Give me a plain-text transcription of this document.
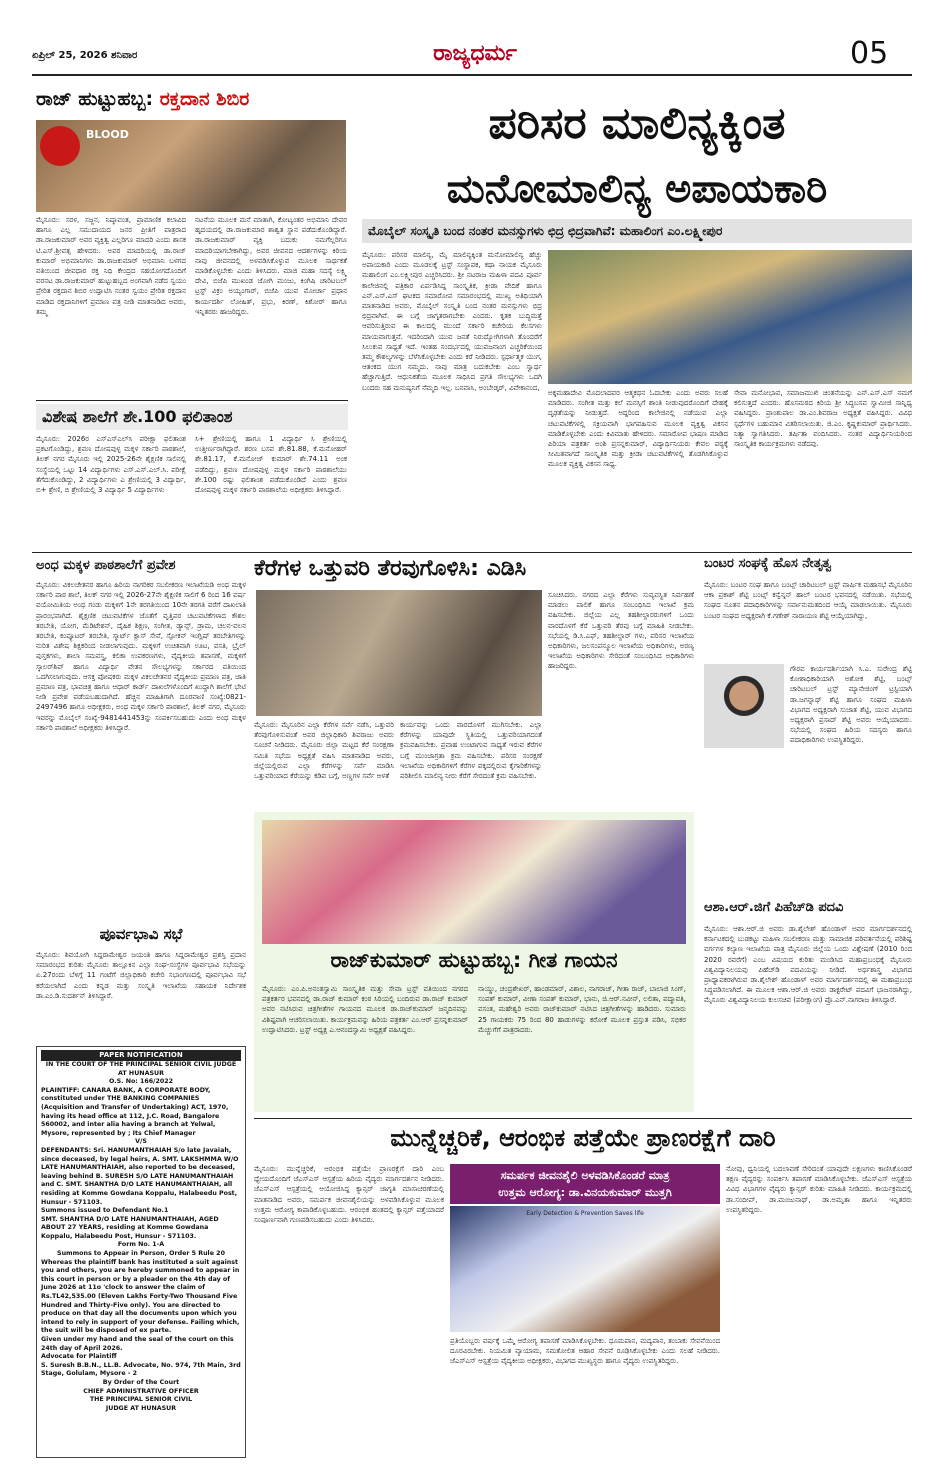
ಏಪ್ರಿಲ್ 25, 2026 ಶನಿವಾರ	ರಾಜ್ಯಧರ್ಮ	05
ರಾಜ್ ಹುಟ್ಟುಹಬ್ಬ: ರಕ್ತದಾನ ಶಿಬಿರ
BLOOD
ಮೈಸೂರು: ಸರಳ, ಸಜ್ಜನ, ನಿಷ್ಕಾವಂತ, ಪ್ರಾಮಾಣಿಕ ಕಲಾವಿದ ಹಾಗೂ ಎಲ್ಲ ಸಮುದಾಯದ ಜನರ ಪ್ರೀತಿಗೆ ಪಾತ್ರರಾದ ಡಾ.ರಾಜಕುಮಾರ್ ಅವರ ವ್ಯಕ್ತಿತ್ವ ಎಲ್ಲರಿಗೂ ಮಾದರಿ ಎಂದು ಶಾಸಕ ಟಿ.ಎಸ್.ಶ್ರೀವತ್ಸ ಹೇಳಿದರು. ಅವರ ಮಾದರಿಯಲ್ಲಿ ಡಾ.ರಾಜ್ ಕುಮಾರ್ ಅಭಿಮಾನಿಗಳು ಡಾ.ರಾಜಕುಮಾರ್ ಅಭಿಮಾನಿ ಬಳಗದ ವತಿಯಿಂದ ಜೀವಧಾರ ರಕ್ತ ನಿಧಿ ಕೇಂದ್ರದ ಸಹಯೋಗದೊಂದಿಗೆ ವರನಟ ಡಾ.ರಾಜಕುಮಾರ್ ಹುಟ್ಟುಹಬ್ಬದ ಅಂಗವಾಗಿ ನಡೆದ ಸ್ವಯಂ ಪ್ರೇರಿತ ರಕ್ತದಾನ ಶಿಬಿರ ಉದ್ಘಾಟಿಸಿ ನಂತರ ಸ್ವಯಂ ಪ್ರೇರಿತ ರಕ್ತದಾನ ಮಾಡಿದ ರಕ್ತದಾನಿಗಳಿಗೆ ಪ್ರಮಾಣ ಪತ್ರ ನೀಡಿ ಮಾತನಾಡಿದ ಅವರು, ತಮ್ಮ
ನಟನೆಯ ಮೂಲಕ ಮನೆ ಮಾತಾಗಿ, ಕೋಟ್ಯಂತರ ಅಭಿಮಾನಿ ದೇವರ ಹೃದಯದಲ್ಲಿ ಡಾ.ರಾಜಕುಮಾರ ಶಾಶ್ವತ ಸ್ಥಾನ ಪಡೆದುಕೊಂಡಿದ್ದಾರೆ. ಡಾ.ರಾಜಕುಮಾರ್ ವ್ಯಕ್ತಿ ಬದುಕು ನಮಗೆಲ್ಲರಿಗೂ ಮಾದರಿಯಾಗಬೇಕಾಗಿದ್ದು, ಅವರ ಜೀವನದ ಆದರ್ಶಗಳನ್ನು ಕಿರಿಯ ನಾವು ಜೀವನದಲ್ಲಿ ಅಳವಡಿಸಿಕೊಳ್ಳುವ ಮೂಲಕ ಸಾರ್ಥಕತೆ ಮಾಡಿಕೊಳ್ಳಬೇಕು ಎಂದು ತಿಳಿಸಿದರು. ಮಾಜಿ ಮಹಾ ಸದಸ್ಯೆ ಲಕ್ಷ್ಮಿ ದೇವಿ, ಬಿಜೆಪಿ ಮುಖಂಡ ಜೋಗಿ ಮಂಜು, ಕಿಂಗಿಷಿ ಚಾರಿಟಬಲ್ ಟ್ರಸ್ಟ್ ವಿಕ್ರಂ ಅಯ್ಯಂಗಾರ್, ಬಿಜೆಪಿ ಯುವ ಮೋರ್ಚಾ ಪ್ರಧಾನ ಕಾರ್ಯದರ್ಶಿ ಲೋಹಿತ್, ಪ್ರಭು, ಕಿರಣ್, ಕಿಶೋರ್ ಹಾಗೂ ಇನ್ನಿತರರು ಹಾಜರಿದ್ದರು.
ವಿಶೇಷ ಶಾಲೆಗೆ ಶೇ.100 ಫಲಿತಾಂಶ
ಮೈಸೂರು: 2026ರ ಎಸ್ಎಸ್ಎಲ್‌ಸಿ ಪರೀಕ್ಷಾ ಫಲಿತಾಂಶ ಪ್ರಕಟಗೊಂಡಿದ್ದು, ಶ್ರವಣ ದೋಷವುಳ್ಳ ಮಕ್ಕಳ ಸರ್ಕಾರಿ ಪಾಠಶಾಲೆ, ತಿಲಕ್ ನಗರ ಮೈಸೂರು ಇಲ್ಲಿ 2025-26ನೇ ಶೈಕ್ಷಣಿಕ ಸಾಲಿನಲ್ಲಿ ಸಂಸ್ಥೆಯಲ್ಲಿ ಒಟ್ಟು 14 ವಿದ್ಯಾರ್ಥಿಗಳು ಎಸ್.ಎಸ್.ಎಲ್.ಸಿ. ಪರೀಕ್ಷೆ ತೆಗೆದುಕೊಂಡಿದ್ದು, 2 ವಿದ್ಯಾರ್ಥಿಗಳು ಎ ಶ್ರೇಣಿಯಲ್ಲಿ 3 ವಿದ್ಯಾರ್ಥಿ, ಬಿ+ ಶ್ರೇಣಿ, ಬಿ ಶ್ರೇಣಿಯಲ್ಲಿ 3 ವಿದ್ಯಾರ್ಥಿ 5 ವಿದ್ಯಾರ್ಥಿಗಳು
ಸಿ+ ಶ್ರೇಣಿಯಲ್ಲಿ ಹಾಗೂ 1 ವಿದ್ಯಾರ್ಥಿ ಸಿ ಶ್ರೇಣಿಯಲ್ಲಿ ಉತ್ತೀರ್ಣರಾಗಿದ್ದಾರೆ. ಶರಣ ಬಸವ ಶೇ.81.88, ಕೆ.ಮನೋಹರ್ ಶೇ.81.17, ಕೆ.ಮನೋಜ್ ಕುಮಾರ್ ಶೇ.74.11 ಅಂಕ ಪಡೆದಿದ್ದು, ಶ್ರವಣ ದೋಷವುಳ್ಳ ಮಕ್ಕಳ ಸರ್ಕಾರಿ ಪಾಠಶಾಲೆಯು ಶೇ.100 ರಷ್ಟು ಫಲಿತಾಂಶ ಪಡೆದುಕೊಂಡಿದೆ ಎಂದು ಶ್ರವಣ ದೋಷವುಳ್ಳ ಮಕ್ಕಳ ಸರ್ಕಾರಿ ಪಾಠಶಾಲೆಯ ಅಧೀಕ್ಷಕರು ತಿಳಿಸಿದ್ದಾರೆ.
ಪರಿಸರ ಮಾಲಿನ್ಯಕ್ಕಿಂತ
ಮನೋಮಾಲಿನ್ಯ ಅಪಾಯಕಾರಿ
ಮೊಬೈಲ್ ಸಂಸ್ಕೃತಿ ಬಂದ ನಂತರ ಮನಸ್ಸುಗಳು ಛಿದ್ರ ಛಿದ್ರವಾಗಿವೆ: ಮಹಾಲಿಂಗ ಎಂ.ಲಕ್ಷ್ಮೀಪುರ
ಮೈಸೂರು: ಪರಿಸರ ಮಾಲಿನ್ಯ, ಮೈ ಮಾಲಿನ್ಯಕ್ಕಿಂತ ಮನೋಮಾಲಿನ್ಯ ಹೆಚ್ಚು ಅಪಾಯಕಾರಿ ಎಂದು ಮೂಡಲಕ್ಕೆ ಟ್ರಸ್ಟ್ ಸಂಸ್ಥಾಪಕ, ಕಥಾ ನಾಯಕ ಮೈಸೂರು ಮಹಾಲಿಂಗ ಎಂ.ಲಕ್ಷ್ಮೀಪುರ ಎಚ್ಚರಿಸಿದರು. ಶ್ರೀ ನಟರಾಜ ಮಹಿಳಾ ಪದವಿ ಪೂರ್ವ ಕಾಲೇಜಿನಲ್ಲಿ ಪತ್ರಿಕಾರ ಏರ್ಪಡಿಸಿದ್ದ ಸಾಂಸ್ಕೃತಿಕ, ಕ್ರೀಡಾ ವೇದಿಕೆ ಹಾಗೂ ಎನ್.ಎಸ್.ಎಸ್ ಘಟಕದ ಸಮಾರೋಪ ಸಮಾರಂಭದಲ್ಲಿ ಮುಖ್ಯ ಅತಿಥಿಯಾಗಿ ಮಾತನಾಡಿದ ಅವರು, ಮೊಬೈಲ್ ಸಂಸ್ಕೃತಿ ಬಂದ ನಂತರ ಮನಸ್ಸುಗಳು ಛಿದ್ರ ಛಿದ್ರವಾಗಿವೆ. ಈ ಬಗ್ಗೆ ಜಾಗೃತರಾಗಬೇಕು ಎಂದರು. ಕೃತಕ ಬುದ್ಧಿಮತ್ತೆ ಆವರಿಸುತ್ತಿರುವ ಈ ಕಾಲದಲ್ಲಿ ಮುಂದೆ ಸರ್ಕಾರಿ ಕಚೇರಿಯ ಕೆಲಸಗಳು ಮಾಯವಾಗುತ್ತವೆ. ಇದರಿಂದಾಗಿ ಯುವ ಜನತೆ ನಿರುದ್ಯೋಗಿಗಳಾಗಿ ತೊಂದರೆಗೆ ಸಿಲುಕುವ ಸಾಧ್ಯತೆ ಇದೆ. ಇಂತಹ ಸಂದರ್ಭದಲ್ಲಿ ಯುವಜನಾಂಗ ಎಚ್ಚರಿಕೆಯಿಂದ ತಮ್ಮ ಕೌಶಲ್ಯಗಳನ್ನು ಬೆಳೆಸಿಕೊಳ್ಳಬೇಕು ಎಂದು ಕರೆ ನೀಡಿದರು. ಸ್ಪರ್ಧಾತ್ಮಕ ಯುಗ, ಆತಂಕದ ಯುಗ ನಮ್ಮದು. ನಾವು ಮಾತ್ರ ಬದುಕಬೇಕು ಎಂಬ ಸ್ವಾರ್ಥ ಹೆಚ್ಚಾಗುತ್ತಿದೆ. ಆಧುನಿಕತೆಯ ಮೂಲಕ ಸಾಧಿಸಿದ ಪ್ರಗತಿ ಸೌಲಭ್ಯಗಳು ಒದಗಿ ಬಂದರು ಸಹ ಮನುಷ್ಯನಿಗೆ ನೆಮ್ಮದಿ ಇಲ್ಲ. ಬನವಾಸಿ, ಅಂಬೇಡ್ಕರ್, ವಿವೇಕಾನಂದ,
ಅಕ್ಕಮಹಾದೇವಿ ಮೊದಲಾದವರ ಆತ್ಮಕಥನ ಓದಬೇಕು ಎಂದು ಅವರು ಸಲಹೆ ಮಾಡಿದರು. ಸಂಗೀತ ಮತ್ತು ಕಲೆ ಮನಸ್ಸಿಗೆ ಶಾಂತಿ ನೀಡುವುದರೊಂದಿಗೆ ದೇಹಕ್ಕೆ ದೃಢತೆಯನ್ನು ನೀಡುತ್ತದೆ. ಆದ್ದರಿಂದ ಕಾಲೇಜಿನಲ್ಲಿ ನಡೆಯುವ ಎಲ್ಲಾ ಚಟುವಟಿಕೆಗಳಲ್ಲಿ ಸಕ್ರಿಯವಾಗಿ ಭಾಗವಹಿಸುವ ಮೂಲಕ ವ್ಯಕ್ತಿತ್ವ ವಿಕಸನ ಮಾಡಿಕೊಳ್ಳಬೇಕು ಎಂದು ಕಿವಿಮಾತು ಹೇಳಿದರು. ಸಮಾರೋಪ ಭಾಷಣ ಮಾಡಿದ ಪಿರಿಯಾ ಪತ್ರಕರ್ತ ಅಂಶಿ ಪ್ರಸನ್ನಕುಮಾರ್, ವಿದ್ಯಾರ್ಥಿನಿಯರು ಕೇವಲ ಪಠ್ಯಕ್ಕೆ ಸೀಮಿತವಾಗದೆ ಸಾಂಸ್ಕೃತಿಕ ಮತ್ತು ಕ್ರೀಡಾ ಚಟುವಟಿಕೆಗಳಲ್ಲಿ ತೊಡಗಿಸಿಕೊಳ್ಳುವ ಮೂಲಕ ವ್ಯಕ್ತಿತ್ವ ವಿಕಸನ ಸಾಧ್ಯ.
ಸೇವಾ ಮನೋಭಾವ, ಸಮಾಜಮುಖಿ ಚಿಂತನೆಯನ್ನು ಎನ್.ಎಸ್.ಎಸ್ ನಮಗೆ ಕಲಿಸುತ್ತದೆ ಎಂದರು. ಹೊಸಮಠದ ಕಿರಿಯ ಶ್ರೀ ಸಿದ್ಧಬಸವ ಸ್ವಾಮೀಜಿ ಸಾನ್ನಿಧ್ಯ ವಹಿಸಿದ್ದರು. ಪ್ರಾಂಶುಪಾಲ ಡಾ.ಎಂ.ಶಿವರಾಜ ಅಧ್ಯಕ್ಷತೆ ವಹಿಸಿದ್ದರು. ವಿವಿಧ ಸ್ಪರ್ಧೆಗಳ ಬಹುಮಾನ ವಿತರಿಸಲಾಯಿತು. ಜಿ.ಎಂ. ಕೃಷ್ಣಕುಮಾರ್ ಪ್ರಾರ್ಥಿಸಿದರು. ನಿತ್ಯಾ ಸ್ವಾಗತಿಸಿದರು. ತರ್ಷಿತಾ ವಂದಿಸಿದರು. ನಂತರ ವಿದ್ಯಾರ್ಥಿನಿಯರಿಂದ ಸಾಂಸ್ಕೃತಿಕ ಕಾರ್ಯಕ್ರಮಗಳು ನಡೆದವು.
ಅಂಧ ಮಕ್ಕಳ ಪಾಠಶಾಲೆಗೆ ಪ್ರವೇಶ
ಮೈಸೂರು: ವಿಕಲಚೇತನರ ಹಾಗೂ ಹಿರಿಯ ನಾಗರಿಕರ ಸಬಲೀಕರಣ ಇಲಾಖೆಯಡಿ ಅಂಧ ಮಕ್ಕಳ ಸರ್ಕಾರಿ ಪಾಠ ಶಾಲೆ, ತಿಲಕ್ ನಗರ ಇಲ್ಲಿ 2026-27ನೇ ಶೈಕ್ಷಣಿಕ ಸಾಲಿಗೆ 6 ರಿಂದ 16 ವರ್ಷ ವಯೋಮಿತಿಯ ಅಂಧ ಗಂಡು ಮಕ್ಕಳಿಗೆ 1ನೇ ತರಗತಿಯಿಂದ 10ನೇ ತರಗತಿ ವರೆಗೆ ದಾಖಲಾತಿ ಪ್ರಾರಂಭವಾಗಿದೆ. ಶೈಕ್ಷಣಿಕ ಚಟುವಟಿಕೆಗಳ ಜೊತೆಗೆ ವೃತ್ತಿಪರ ಚಟುವಟಿಕೆಗಳಾದ ಕೌಶಲ ತರಬೇತಿ, ಯೋಗ, ಮೆಡಿಟೇಶನ್, ದೈಹಿಕ ಶಿಕ್ಷಣ, ಸಂಗೀತ, ಡ್ಯಾನ್ಸ್, ಡ್ರಾಮ, ಚಲನ-ವಲನ ತರಬೇತಿ, ಕಂಪ್ಯೂಟರ್ ತರಬೇತಿ, ಸ್ಮಾರ್ಟ್ ಕ್ಲಾಸ್ ಸೇವೆ, ಸ್ಪೋಕನ್ ಇಂಗ್ಲಿಷ್ ತರಬೇತಿಗಳನ್ನು ನುರಿತ ವಿಶೇಷ ಶಿಕ್ಷಕರಿಂದ ನೀಡಲಾಗುವುದು. ಮಕ್ಕಳಿಗೆ ಉಚಿತವಾಗಿ ಊಟ, ವಸತಿ, ಬ್ರೈಲ್ ಪುಸ್ತಕಗಳು, ಶಾಲಾ ಸಮವಸ್ತ್ರ, ಕಲಿಕಾ ಉಪಕರಣಗಳು, ವೈದ್ಯಕೀಯ ತಪಾಸಣೆ, ಮಕ್ಕಳಿಗೆ ಸ್ಕಾಲರ್‌ಶಿಪ್ ಹಾಗೂ ವಿದ್ಯಾರ್ಥಿ ವೇತನ ಸೌಲಭ್ಯಗಳನ್ನು ಸರ್ಕಾರದ ವತಿಯಿಂದ ಒದಗಿಸಲಾಗುವುದು. ಆಸಕ್ತ ಪೋಷಕರು ಮಕ್ಕಳ ವಿಕಲಚೇತನರ ವೈದ್ಯಕೀಯ ಪ್ರಮಾಣ ಪತ್ರ, ಜಾತಿ ಪ್ರಮಾಣ ಪತ್ರ, ಭಾವಚಿತ್ರ ಹಾಗೂ ಆಧಾರ್ ಕಾರ್ಡ್ ದಾಖಲೆಗಳೊಂದಿಗೆ ಖುದ್ದಾಗಿ ಶಾಲೆಗೆ ಭೇಟಿ ನೀಡಿ ಪ್ರವೇಶ ಪಡೆಯಬಹುದಾಗಿದೆ. ಹೆಚ್ಚಿನ ಮಾಹಿತಿಗಾಗಿ ದೂರವಾಣಿ ಸಂಖ್ಯೆ:0821-2497496 ಹಾಗೂ ಅಧೀಕ್ಷಕರು, ಅಂಧ ಮಕ್ಕಳ ಸರ್ಕಾರಿ ಪಾಠಶಾಲೆ, ತಿಲಕ್ ನಗರ, ಮೈಸೂರು ಇವರನ್ನು ಮೊಬೈಲ್ ಸಂಖ್ಯೆ-9481441453ನ್ನು ಸಂಪರ್ಕಿಸಬಹುದು ಎಂದು ಅಂಧ ಮಕ್ಕಳ ಸರ್ಕಾರಿ ಪಾಠಶಾಲೆ ಅಧೀಕ್ಷಕರು ತಿಳಿಸಿದ್ದಾರೆ.
ಪೂರ್ವಭಾವಿ ಸಭೆ
ಮೈಸೂರು: ಶಿವಯೋಗಿ ಸಿದ್ದರಾಮೇಶ್ವರ ಜಯಂತಿ ಹಾಗೂ ಸಿದ್ದರಾಮೇಶ್ವರ ಪ್ರಶಸ್ತಿ ಪ್ರದಾನ ಸಮಾರಂಭದ ಕುರಿತು ಮೈಸೂರು ತಾಲ್ಲೂಕಿನ ಎಲ್ಲಾ ಸಂಘ-ಸಂಸ್ಥೆಗಳ ಪೂರ್ವಭಾವಿ ಸಭೆಯನ್ನು ಏ.27ರಂದು ಬೆಳಿಗ್ಗೆ 11 ಗಂಟೆಗೆ ಜಿಲ್ಲಾಧಿಕಾರಿ ಕಚೇರಿ ಸಭಾಂಗಣದಲ್ಲಿ ಪೂರ್ವಭಾವಿ ಸಭೆ ಕರೆಯಲಾಗಿದೆ ಎಂದು ಕನ್ನಡ ಮತ್ತು ಸಂಸ್ಕೃತಿ ಇಲಾಖೆಯ ಸಹಾಯಕ ನಿರ್ದೇಶಕ ಡಾ.ಎಂ.ಡಿ.ಸುದರ್ಶನ್ ತಿಳಿಸಿದ್ದಾರೆ.
PAPER NOTIFICATION
IN THE COURT OF THE PRINCIPAL SENIOR CIVIL JUDGE AT HUNASUR
O.S. No: 166/2022
PLAINTIFF: CANARA BANK, A CORPORATE BODY, constituted under THE BANKING COMPANIES (Acquisition and Transfer of Undertaking) ACT, 1970, having its head office at 112, J.C. Road, Bangalore 560002, and inter alia having a branch at Yelwal, Mysore, represented by ; Its Chief Manager
V/S
DEFENDANTS: Sri. HANUMANTHAIAH S/o late Javaiah, since deceased, by legal heirs, A. SMT. LAKSHMMA W/O LATE HANUMANTHAIAH, also reported to be deceased, leaving behind B. SURESH S/O LATE HANUMANTHAIAH and C. SMT. SHANTHA D/O LATE HANUMANTHAIAH, all residing at Komme Gowdana Koppalu, Halabeedu Post, Hunsur - 571103.
Summons issued to Defendant No.1
SMT. SHANTHA D/O LATE HANUMANTHAIAH, AGED ABOUT 27 YEARS, residing at Komme Gowdana Koppalu, Halabeedu Post, Hunsur - 571103.
Form No. 1-A
Summons to Appear in Person, Order 5 Rule 20
Whereas the plaintiff bank has instituted a suit against you and others, you are hereby summoned to appear in this court in person or by a pleader on the 4th day of June 2026 at 11o 'clock to answer the claim of Rs.TL42,535.00 (Eleven Lakhs Forty-Two Thousand Five Hundred and Thirty-Five only). You are directed to produce on that day all the documents upon which you intend to rely in support of your defense. Failing which, the suit will be disposed of ex parte.
Given under my hand and the seal of the court on this 24th day of April 2026.
Advocate for Plaintiff
S. Suresh B.B.N., LL.B. Advocate, No. 974, 7th Main, 3rd Stage, Golulam, Mysore - 2
By Order of the Court
CHIEF ADMINISTRATIVE OFFICER
THE PRINCIPAL SENIOR CIVIL
JUDGE AT HUNASUR
ಕೆರೆಗಳ ಒತ್ತುವರಿ ತೆರವುಗೊಳಿಸಿ: ಎಡಿಸಿ
ಮೈಸೂರು: ಮೈಸೂರಿನ ಎಲ್ಲಾ ಕೆರೆಗಳ ಸರ್ವೆ ನಡೆಸಿ, ಒತ್ತುವರಿ ತೆರವುಗೊಳಿಸುವಂತೆ ಅಪರ ಜಿಲ್ಲಾಧಿಕಾರಿ ಶಿವರಾಜು ಅವರು ಸೂಚನೆ ನೀಡಿದರು. ಮೈಸೂರು ಜಿಲ್ಲಾ ಮಟ್ಟದ ಕೆರೆ ಸಂರಕ್ಷಣಾ ಸಮಿತಿ ಸಭೆಯ ಅಧ್ಯಕ್ಷತೆ ವಹಿಸಿ ಮಾತನಾಡಿದ ಅವರು, ಜಿಲ್ಲೆಯಲ್ಲಿರುವ ಎಲ್ಲಾ ಕೆರೆಗಳನ್ನು ಸರ್ವೆ ಮಾಡಿಸಿ ಒತ್ತುವರಿಯಾದ ಕೆರೆಯನ್ನು ಕಡಿವ ಬಗ್ಗೆ, ಅಣ್ಣಗಳ ಸರ್ವೆ ಅಳತೆ
ಕಾರ್ಯವನ್ನು ಒಂದು ವಾರದೊಳಗೆ ಮುಗಿಸಬೇಕು. ಎಲ್ಲಾ ಕೆರೆಗಳನ್ನು ಯಾವುದೇ ಸ್ಥಿತಿಯಲ್ಲಿ ಒತ್ತುವರಿಯಾಗದಂತೆ ಕ್ರಮವಹಿಸಬೇಕು. ಪ್ರವಾಹ ಉಂಟಾಗುವ ಸಾಧ್ಯತೆ ಇರುವ ಕೆರೆಗಳ ಬಗ್ಗೆ ಮುಂಜಾಗ್ರತಾ ಕ್ರಮ ವಹಿಸಬೇಕು. ಪರಿಸರ ಸಂರಕ್ಷಣೆ ಇಲಾಖೆಯ ಅಧಿಕಾರಿಗಳಿಗೆ ಕೆರೆಗಳ ಪಕ್ಕದಲ್ಲಿರುವ ಕೈಗಾರಿಕೆಗಳನ್ನು ಪರಿಶೀಲಿಸಿ ಮಾಲಿನ್ಯ ನೀರು ಕೆರೆಗೆ ಸೇರದಂತೆ ಕ್ರಮ ವಹಿಸಬೇಕು.
ಸೂಚಿಸಿದರು. ನಗರದ ಎಲ್ಲಾ ಕೆರೆಗಳು ಸುವ್ಯವಸ್ಥಿತ ನಿರ್ವಹಣೆ ಮಾಡಲು ಪಾಲಿಕೆ ಹಾಗೂ ಸಂಬಂಧಿಸಿದ ಇಲಾಖೆ ಕ್ರಮ ವಹಿಸಬೇಕು. ಜಿಲ್ಲೆಯ ಎಲ್ಲ ತಹಶೀಲ್ದಾರರುಗಳಿಗೆ ಒಂದು ವಾರದೊಳಗೆ ಕೆರೆ ಒತ್ತುವರಿ ತೆರವು ಬಗ್ಗೆ ಮಾಹಿತಿ ನೀಡಬೇಕು. ಸಭೆಯಲ್ಲಿ ಡಿ.ಸಿ.ಎಫ್, ತಹಶೀಲ್ದಾರ್ ಗಳು, ಪರಿಸರ ಇಲಾಖೆಯ ಅಧಿಕಾರಿಗಳು, ಜಲಸಂಪನ್ಮೂಲ ಇಲಾಖೆಯ ಅಧಿಕಾರಿಗಳು, ಅರಣ್ಯ ಇಲಾಖೆಯ ಅಧಿಕಾರಿಗಳು ಸೇರಿದಂತೆ ಸಂಬಂಧಿಸಿದ ಅಧಿಕಾರಿಗಳು ಹಾಜರಿದ್ದರು.
ರಾಜ್‌ಕುಮಾರ್ ಹುಟ್ಟುಹಬ್ಬ: ಗೀತ ಗಾಯನ
ಮೈಸೂರು: ಎಂ.ಪಿ.ಅನಂತಸ್ವಾಮಿ ಸಾಂಸ್ಕೃತಿಕ ಮತ್ತು ಸೇವಾ ಟ್ರಸ್ಟ್ ವತಿಯಿಂದ ನಗರದ ಪತ್ರಕರ್ತರ ಭವನದಲ್ಲಿ ಡಾ.ರಾಜ್ ಕುಮಾರ್ ಕಂಠ ಸಿರಿಯಲ್ಲಿ ಬಂದಿರುವ ಡಾ.ರಾಜ್ ಕುಮಾರ್ ಅವರ ನಟಿಸಿರುವ ಚಿತ್ರಗೀತೆಗಳ ಗಾಯನದ ಮೂಲಕ ಡಾ.ರಾಜ್‌ಕುಮಾರ್ ಜನ್ಮದಿನವನ್ನು ವಿಶಿಷ್ಟವಾಗಿ ಆಚರಿಸಲಾಯಿತು. ಕಾರ್ಯಕ್ರಮವನ್ನು ಹಿರಿಯ ಪತ್ರಕರ್ತ ಎಂ.ಆರ್ ಪ್ರಸನ್ನಕುಮಾರ್ ಉದ್ಘಾಟಿಸಿದರು. ಟ್ರಸ್ಟ್ ಅಧ್ಯಕ್ಷ ಎ.ಆನಂದಸ್ವಾಮಿ ಅಧ್ಯಕ್ಷತೆ ವಹಿಸಿದ್ದರು.
ನಾಯ್ಡು, ಚಂದ್ರಶೇಖರ್, ಹಾಂಡಮಾರ್, ವಿಶಾಲ, ನಾಗರಾಜ್, ಗೀತಾ ರಾಜ್, ಬಾಲಾಜಿ ಸಿಂಗ್, ಸಂಪತ್ ಕುಮಾರ್, ವೀಣಾ ಸಂಪತ್ ಕುಮಾರ್, ಭಾನು, ಜಿ.ಆರ್.ನವೀನ್, ಲಲಿತಾ, ಪದ್ಮಾವತಿ, ವಸಂತ, ಮಹೇಶ್ವರಿ ಅವರು ರಾಜ್‌ಕುಮಾರ್ ನಟಿಸಿದ ಚಿತ್ರಗೀತೆಗಳನ್ನು ಹಾಡಿದರು. ಸುಮಾರು 25 ಗಾಯಕರು 75 ರಿಂದ 80 ಹಾಡುಗಳನ್ನು ಕರೋಕೆ ಮೂಲಕ ಪ್ರಸ್ತುತ ಪಡಿಸಿ, ಸಭಿಕರ ಮೆಚ್ಚುಗೆಗೆ ಪಾತ್ರರಾದರು.
ಬಂಟರ ಸಂಘಕ್ಕೆ ಹೊಸ ನೇತೃತ್ವ
ಮೈಸೂರು: ಬಂಟರ ಸಂಘ ಹಾಗೂ ಬಂಟ್ಸ್ ಚಾರಿಟಬಲ್ ಟ್ರಸ್ಟ್ ವಾರ್ಷಿಕ ಮಹಾಸಭೆ ಮೈಸೂರಿನ ಆಕಾ ಪ್ರಕಾಶ್ ಶೆಟ್ಟಿ ಬಂಟ್ಸ್ ಕನ್ವೆನ್ಶನ್ ಹಾಲ್ ಬಂಟರ ಭವನದಲ್ಲಿ ನಡೆಯಿತು. ಸಭೆಯಲ್ಲಿ ಸಂಘದ ನೂತನ ಪದಾಧಿಕಾರಿಗಳನ್ನು ಸರ್ವಾನುಮತದಿಂದ ಆಯ್ಕೆ ಮಾಡಲಾಯಿತು. ಮೈಸೂರು ಬಂಟರ ಸಂಘದ ಅಧ್ಯಕ್ಷರಾಗಿ ಕೆ.ಗಣೇಶ್ ನಾರಾಯಣ ಶೆಟ್ಟಿ ಆಯ್ಕೆಯಾಗಿದ್ದು,
ಗೌರವ ಕಾರ್ಯದರ್ಶಿಯಾಗಿ ಸಿ.ಎ. ಸುರೇಂದ್ರ ಶೆಟ್ಟಿ ಕೋಶಾಧಿಕಾರಿಯಾಗಿ ಅಶೋಕ ಶೆಟ್ಟಿ, ಬಂಟ್ಸ್ ಚಾರಿಟಬಲ್ ಟ್ರಸ್ಟ್ ಮ್ಯಾನೇಜಿಂಗ್ ಟ್ರಸ್ಟಿಯಾಗಿ ಡಾ.ಜಗನ್ನಾಥ್ ಶೆಟ್ಟಿ ಹಾಗೂ ಸಂಘದ ಮಹಿಳಾ ವಿಭಾಗದ ಅಧ್ಯಕ್ಷರಾಗಿ ಸುಜಾತ ಶೆಟ್ಟಿ, ಯುವ ವಿಭಾಗದ ಅಧ್ಯಕ್ಷರಾಗಿ ಪ್ರಸಾದ್ ಶೆಟ್ಟಿ ಅವರು ಆಯ್ಕೆಯಾದರು. ಸಭೆಯಲ್ಲಿ ಸಂಘದ ಹಿರಿಯ ಸದಸ್ಯರು ಹಾಗೂ ಪದಾಧಿಕಾರಿಗಳು ಉಪಸ್ಥಿತರಿದ್ದರು.
ಆಶಾ.ಆರ್.ಜಿಗೆ ಪಿಹೆಚ್‌ಡಿ ಪದವಿ
ಮೈಸೂರು: ಆಶಾ.ಆರ್.ಜಿ ಅವರು ಡಾ.ಶೈಲೇಶ್ ಹೊಂಡಾಳ್ ಅವರ ಮಾರ್ಗದರ್ಶನದಲ್ಲಿ ಕರ್ನಾಟಕದಲ್ಲಿ ಬುಡಕಟ್ಟು ಮಹಿಳಾ ಸಬಲೀಕರಣ ಮತ್ತು ಸಾಮಾಜಿಕ ಪರಿವರ್ತನೆಯಲ್ಲಿ ಪರಿಶಿಷ್ಟ ವರ್ಗಗಳ ಕಲ್ಯಾಣ ಇಲಾಖೆಯ ಪಾತ್ರ ಮೈಸೂರು ಜಿಲ್ಲೆಯ ಒಂದು ವಿಶ್ಲೇಷಣೆ (2010 ರಿಂದ 2020 ರವರೆಗೆ) ಎಂಬ ವಿಷಯದ ಕುರಿತು ಮಂಡಿಸಿದ ಮಹಾಪ್ರಬಂಧಕ್ಕೆ ಮೈಸೂರು ವಿಶ್ವವಿದ್ಯಾನಿಲಯವು ಪಿಹೆಚ್‌ಡಿ ಪದವಿಯನ್ನು ನೀಡಿದೆ. ಅರ್ಥಶಾಸ್ತ್ರ ವಿಭಾಗದ ಪ್ರಾಧ್ಯಾಪಕರಾಗಿರುವ ಡಾ.ಶೈಲೇಶ್ ಹೊಂಡಾಳ್ ಅವರ ಮಾರ್ಗದರ್ಶನದಲ್ಲಿ ಈ ಮಹಾಪ್ರಬಂಧ ಸಿದ್ಧಪಡಿಸಲಾಗಿದೆ. ಈ ಮೂಲಕ ಆಶಾ.ಆರ್.ಜಿ ಅವರು ಡಾಕ್ಟರೇಟ್ ಪದವಿಗೆ ಭಾಜನರಾಗಿದ್ದು, ಮೈಸೂರು ವಿಶ್ವವಿದ್ಯಾನಿಲಯ ಕುಲಸಚಿವ (ಪರೀಕ್ಷಾಂಗ) ಪ್ರೊ.ಎನ್.ನಾಗರಾಜ ತಿಳಿಸಿದ್ದಾರೆ.
ಮುನ್ನೆಚ್ಚರಿಕೆ, ಆರಂಭಿಕ ಪತ್ತೆಯೇ ಪ್ರಾಣರಕ್ಷೆಗೆ ದಾರಿ
ಮೈಸೂರು: ಮುನ್ನೆಚ್ಚರಿಕೆ, ಆರಂಭಿಕ ಪತ್ತೆಯೇ ಪ್ರಾಣರಕ್ಷೆಗೆ ದಾರಿ ಎಂಬ ಧ್ಯೇಯದೊಂದಿಗೆ ಜೆಎಸ್ಎಸ್ ಆಸ್ಪತ್ರೆಯ ಹಿರಿಯ ವೈದ್ಯರು ಮಾರ್ಗದರ್ಶನ ನೀಡಿದರು. ಜೆಎಸ್ಎಸ್ ಆಸ್ಪತ್ರೆಯಲ್ಲಿ ಆಯೋಜಿಸಿದ್ದ ಕ್ಯಾನ್ಸರ್ ಜಾಗೃತಿ ಮಾಸಾಚರಣೆಯಲ್ಲಿ ಮಾತನಾಡಿದ ಅವರು, ಸಮರ್ಪಕ ಜೀವನಶೈಲಿಯನ್ನು ಅಳವಡಿಸಿಕೊಳ್ಳುವ ಮೂಲಕ ಉತ್ತಮ ಆರೋಗ್ಯ ಕಾಪಾಡಿಕೊಳ್ಳಬಹುದು. ಆರಂಭಿಕ ಹಂತದಲ್ಲಿ ಕ್ಯಾನ್ಸರ್ ಪತ್ತೆಯಾದರೆ ಸಂಪೂರ್ಣವಾಗಿ ಗುಣಪಡಿಸಬಹುದು ಎಂದು ತಿಳಿಸಿದರು.
ಸಮರ್ಪಕ ಜೀವನಶೈಲಿ ಅಳವಡಿಸಿಕೊಂಡರೆ ಮಾತ್ರ
ಉತ್ತಮ ಆರೋಗ್ಯ: ಡಾ.ವಿನಯಕುಮಾರ್ ಮುತ್ತಗಿ
Early Detection & Prevention Saves life
ಪ್ರತಿಯೊಬ್ಬರು ವರ್ಷಕ್ಕೆ ಒಮ್ಮೆ ಆರೋಗ್ಯ ತಪಾಸಣೆ ಮಾಡಿಸಿಕೊಳ್ಳಬೇಕು. ಧೂಮಪಾನ, ಮದ್ಯಪಾನ, ತಂಬಾಕು ಸೇವನೆಯಿಂದ ದೂರವಿರಬೇಕು. ನಿಯಮಿತ ವ್ಯಾಯಾಮ, ಸಮತೋಲಿತ ಆಹಾರ ಸೇವನೆ ರೂಢಿಸಿಕೊಳ್ಳಬೇಕು ಎಂದು ಸಲಹೆ ನೀಡಿದರು. ಜೆಎಸ್ಎಸ್ ಆಸ್ಪತ್ರೆಯ ವೈದ್ಯಕೀಯ ಅಧೀಕ್ಷಕರು, ವಿಭಾಗದ ಮುಖ್ಯಸ್ಥರು ಹಾಗೂ ವೈದ್ಯರು ಉಪಸ್ಥಿತರಿದ್ದರು.
ನೋವು, ಧ್ವನಿಯಲ್ಲಿ ಬದಲಾವಣೆ ಸೇರಿದಂತೆ ಯಾವುದೇ ಲಕ್ಷಣಗಳು ಕಾಣಿಸಿಕೊಂಡರೆ ತಕ್ಷಣ ವೈದ್ಯರನ್ನು ಸಂಪರ್ಕಿಸಿ ತಪಾಸಣೆ ಮಾಡಿಸಿಕೊಳ್ಳಬೇಕು. ಜೆಎಸ್ಎಸ್ ಆಸ್ಪತ್ರೆಯ ವಿವಿಧ ವಿಭಾಗಗಳ ವೈದ್ಯರು ಕ್ಯಾನ್ಸರ್ ಕುರಿತು ಮಾಹಿತಿ ನೀಡಿದರು. ಕಾರ್ಯಕ್ರಮದಲ್ಲಿ ಡಾ.ಸಂದೀಪ್, ಡಾ.ಮಂಜುನಾಥ್, ಡಾ.ಅಮೃತಾ ಹಾಗೂ ಇನ್ನಿತರರು ಉಪಸ್ಥಿತರಿದ್ದರು.
